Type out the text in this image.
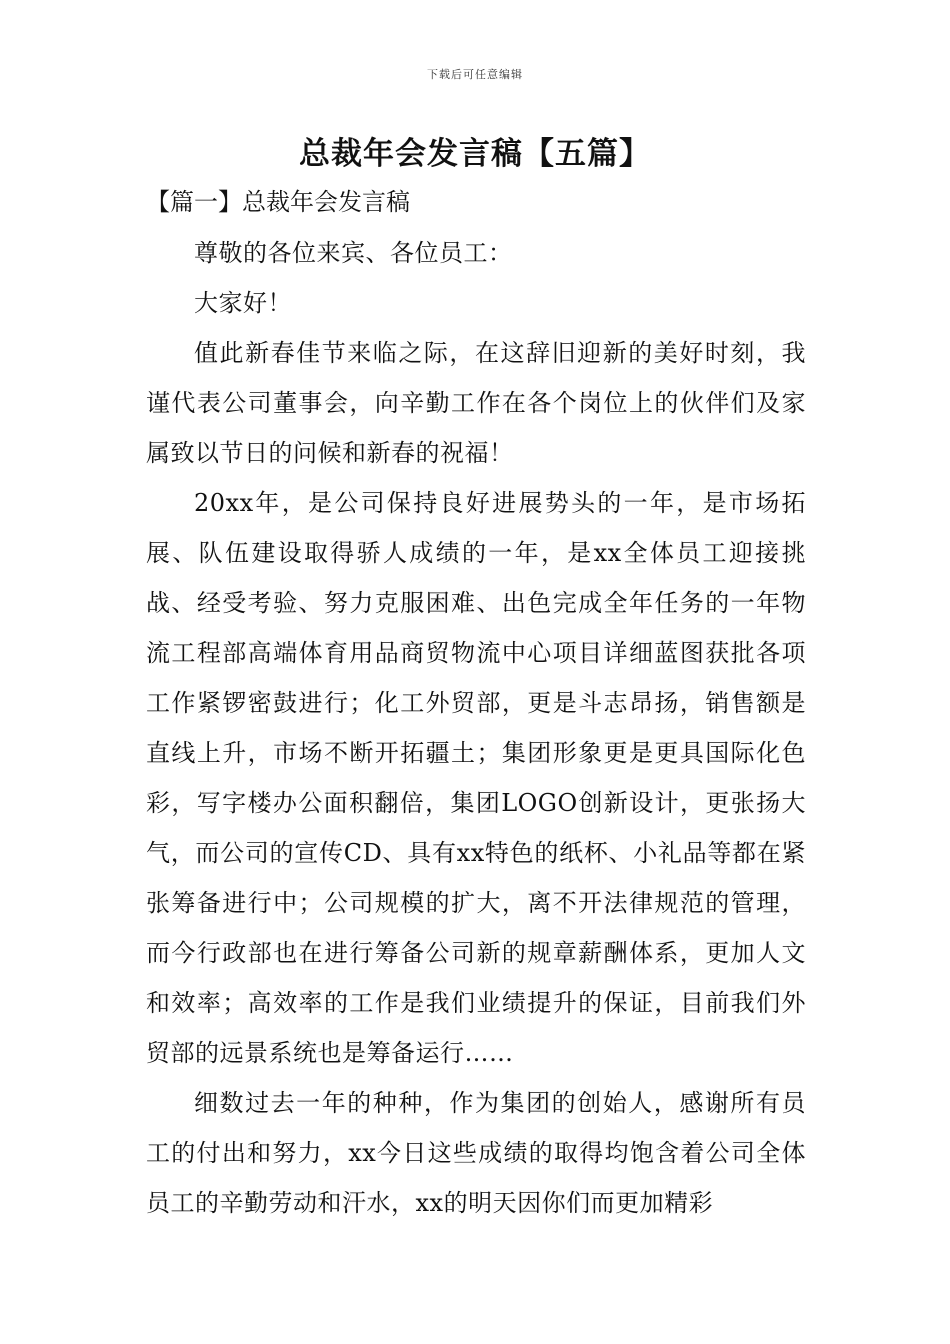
下载后可任意编辑
总裁年会发言稿【五篇】
【篇一】总裁年会发言稿

尊敬的各位来宾、各位员工：

大家好！

值此新春佳节来临之际，在这辞旧迎新的美好时刻，我谨代表公司董事会，向辛勤工作在各个岗位上的伙伴们及家属致以节日的问候和新春的祝福！

20xx年，是公司保持良好进展势头的一年，是市场拓展、队伍建设取得骄人成绩的一年，是xx全体员工迎接挑战、经受考验、努力克服困难、出色完成全年任务的一年物流工程部高端体育用品商贸物流中心项目详细蓝图获批各项工作紧锣密鼓进行；化工外贸部，更是斗志昂扬，销售额是直线上升，市场不断开拓疆土；集团形象更是更具国际化色彩，写字楼办公面积翻倍，集团LOGO创新设计，更张扬大气，而公司的宣传CD、具有xx特色的纸杯、小礼品等都在紧张筹备进行中；公司规模的扩大，离不开法律规范的管理，而今行政部也在进行筹备公司新的规章薪酬体系，更加人文和效率；高效率的工作是我们业绩提升的保证，目前我们外贸部的远景系统也是筹备运行……

细数过去一年的种种，作为集团的创始人，感谢所有员工的付出和努力，xx今日这些成绩的取得均饱含着公司全体员工的辛勤劳动和汗水，xx的明天因你们而更加精彩
